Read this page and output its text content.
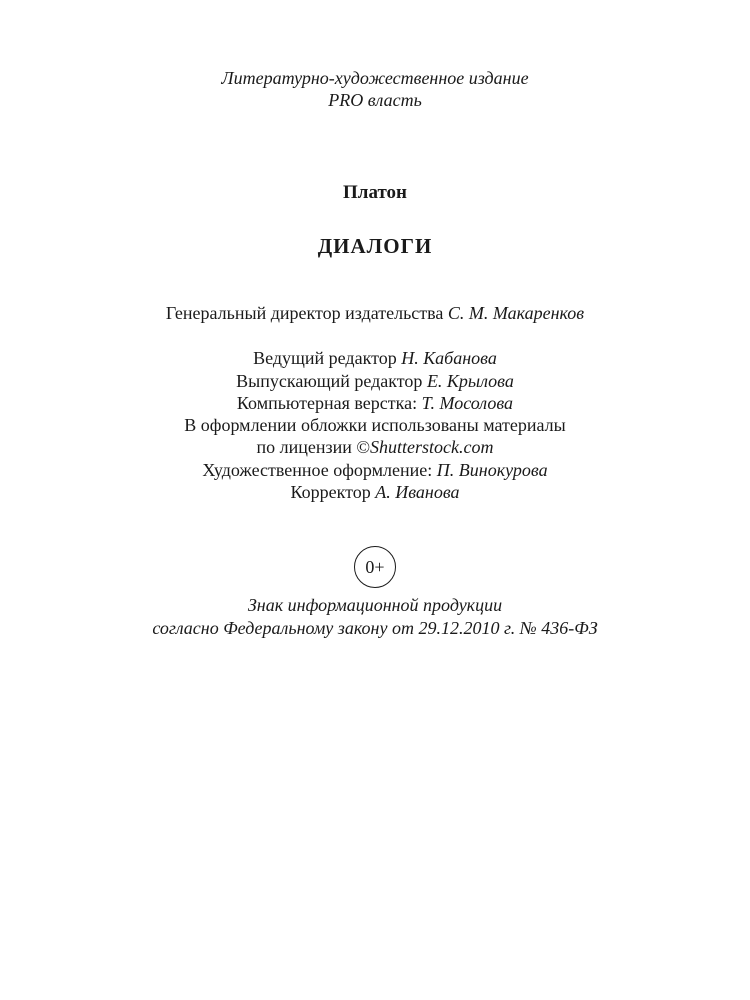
Литературно-художественное издание
PRO власть
Платон
ДИАЛОГИ
Генеральный директор издательства С. М. Макаренков
Ведущий редактор Н. Кабанова
Выпускающий редактор Е. Крылова
Компьютерная верстка: Т. Мосолова
В оформлении обложки использованы материалы
по лицензии ©Shutterstock.com
Художественное оформление: П. Винокурова
Корректор А. Иванова
0+
Знак информационной продукции
согласно Федеральному закону от 29.12.2010 г. № 436-ФЗ
